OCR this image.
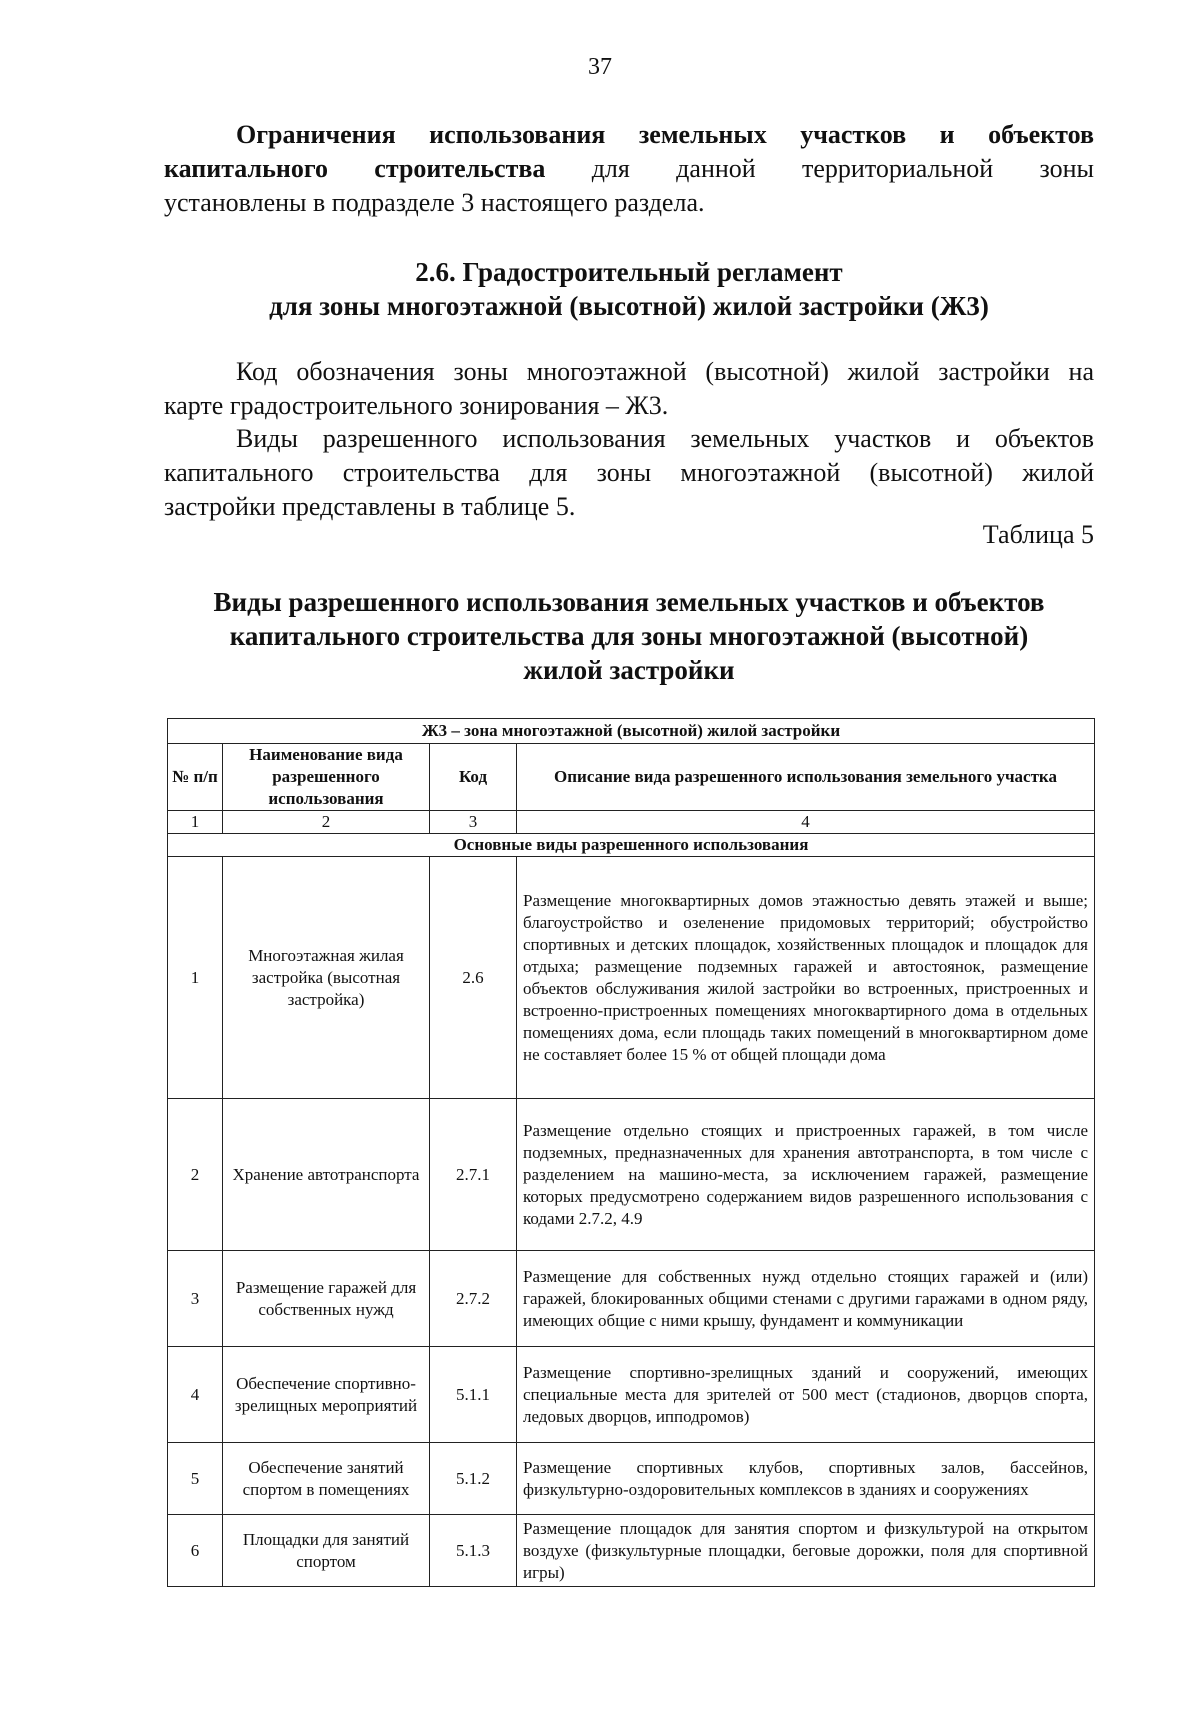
37

Ограничения использования земельных участков и объектов
капитального строительства для данной территориальной зоны
установлены в подразделе 3 настоящего раздела.

2.6. Градостроительный регламент
для зоны многоэтажной (высотной) жилой застройки (Ж3)

Код обозначения зоны многоэтажной (высотной) жилой застройки на
карте градостроительного зонирования – Ж3.

Виды разрешенного использования земельных участков и объектов
капитального строительства для зоны многоэтажной (высотной) жилой
застройки представлены в таблице 5.

Таблица 5

Виды разрешенного использования земельных участков и объектов
капитального строительства для зоны многоэтажной (высотной)
жилой застройки
Ж3 – зона многоэтажной (высотной) жилой застройки			
№ п/п	Наименование вида разрешенного использования	Код	Описание вида разрешенного использования земельного участка
1	2	3	4
Основные виды разрешенного использования			
1	Многоэтажная жилая застройка (высотная застройка)	2.6	Размещение многоквартирных домов этажностью девять этажей и выше; благоустройство и озеленение придомовых территорий; обустройство спортивных и детских площадок, хозяйственных площадок и площадок для отдыха; размещение подземных гаражей и автостоянок, размещение объектов обслуживания жилой застройки во встроенных, пристроенных и встроенно-пристроенных помещениях многоквартирного дома в отдельных помещениях дома, если площадь таких помещений в многоквартирном доме не составляет более 15 % от общей площади дома
2	Хранение автотранспорта	2.7.1	Размещение отдельно стоящих и пристроенных гаражей, в том числе подземных, предназначенных для хранения автотранспорта, в том числе с разделением на машино-места, за исключением гаражей, размещение которых предусмотрено содержанием видов разрешенного использования с кодами 2.7.2, 4.9
3	Размещение гаражей для собственных нужд	2.7.2	Размещение для собственных нужд отдельно стоящих гаражей и (или) гаражей, блокированных общими стенами с другими гаражами в одном ряду, имеющих общие с ними крышу, фундамент и коммуникации
4	Обеспечение спортивно-зрелищных мероприятий	5.1.1	Размещение спортивно-зрелищных зданий и сооружений, имеющих специальные места для зрителей от 500 мест (стадионов, дворцов спорта, ледовых дворцов, ипподромов)
5	Обеспечение занятий спортом в помещениях	5.1.2	Размещение спортивных клубов, спортивных залов, бассейнов, физкультурно-оздоровительных комплексов в зданиях и сооружениях
6	Площадки для занятий спортом	5.1.3	Размещение площадок для занятия спортом и физкультурой на открытом воздухе (физкультурные площадки, беговые дорожки, поля для спортивной игры)
